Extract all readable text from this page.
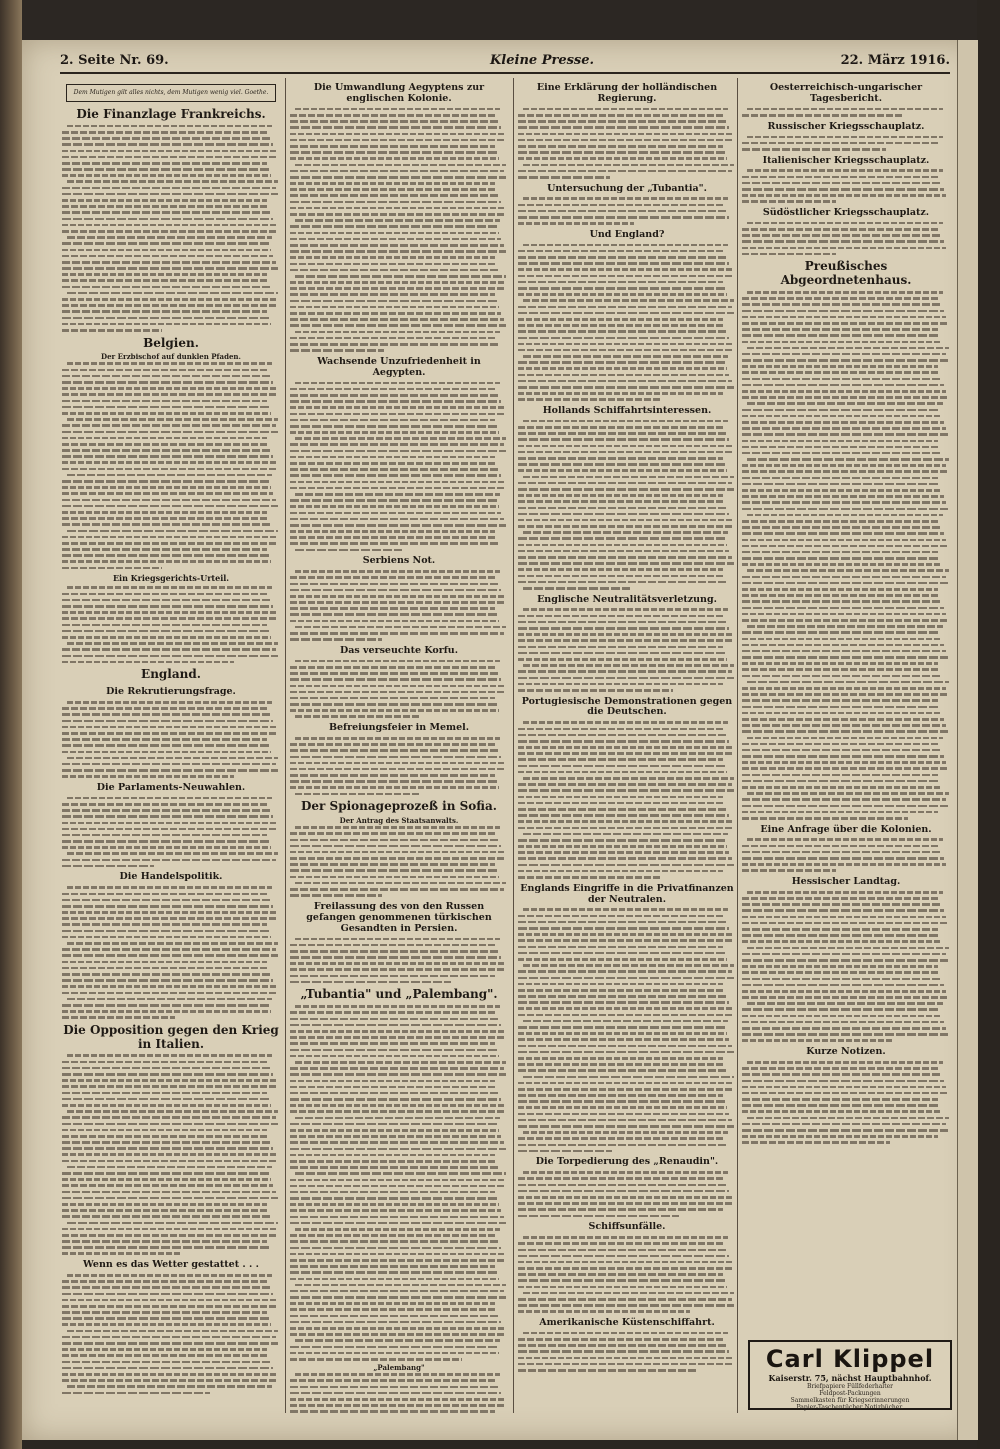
2. Seite Nr. 69.	Kleine Presse.	22. März 1916.
Dem Mutigen gilt alles nichts, dem Mutigen wenig viel. Goethe.
Die Finanzlage Frankreichs.
Belgien.
Der Erzbischof auf dunklen Pfaden.
Ein Kriegsgerichts-Urteil.
England.
Die Rekrutierungsfrage.
Die Parlaments-Neuwahlen.
Die Handelspolitik.
Die Opposition gegen den Krieg in Italien.
Wenn es das Wetter gestattet . . .
Die Umwandlung Aegyptens zur englischen Kolonie.
Wachsende Unzufriedenheit in Aegypten.
Serbiens Not.
Das verseuchte Korfu.
Befreiungsfeier in Memel.
Der Spionageprozeß in Sofia.
Der Antrag des Staatsanwalts.
Freilassung des von den Russen gefangen genommenen türkischen Gesandten in Persien.
„Tubantia" und „Palembang".
„Palembang"
Eine Erklärung der holländischen Regierung.
Untersuchung der „Tubantia".
Und England?
Hollands Schiffahrtsinteressen.
Englische Neutralitätsverletzung.
Portugiesische Demonstrationen gegen die Deutschen.
Englands Eingriffe in die Privatfinanzen der Neutralen.
Die Torpedierung des „Renaudin".
Schiffsunfälle.
Amerikanische Küstenschiffahrt.
Oesterreichisch-ungarischer Tagesbericht.
Russischer Kriegsschauplatz.
Italienischer Kriegsschauplatz.
Südöstlicher Kriegsschauplatz.
Preußisches Abgeordnetenhaus.
Eine Anfrage über die Kolonien.
Hessischer Landtag.
Kurze Notizen.
Carl Klippel
Kaiserstr. 75, nächst Hauptbahnhof.
Briefpapiere Füllfederhalter
Feldpost-Packungen
Sammelkasten für Kriegserinnerungen
Papier-Taschentücher Notizbücher.
